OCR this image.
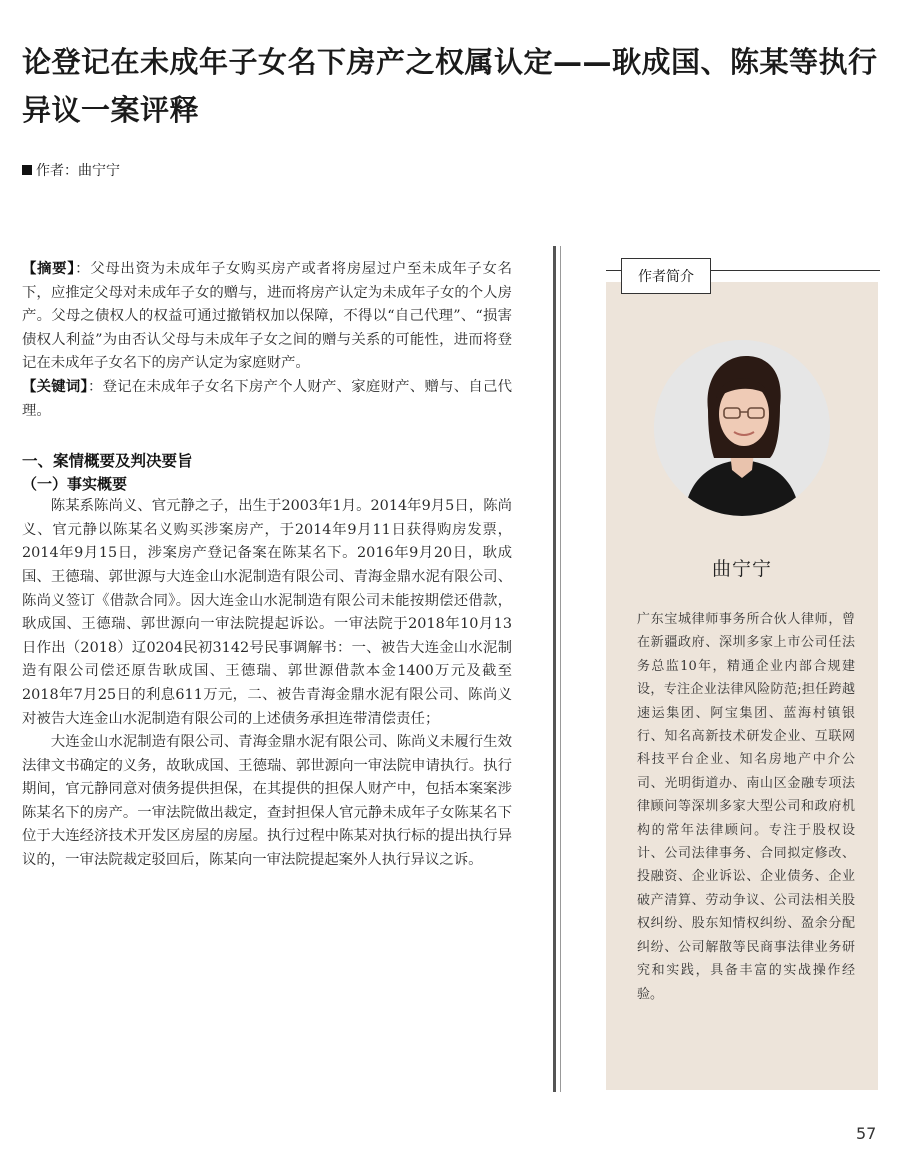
论登记在未成年子女名下房产之权属认定——耿成国、陈某等执行异议一案评释
作者：曲宁宁

【摘要】：父母出资为未成年子女购买房产或者将房屋过户至未成年子女名下，应推定父母对未成年子女的赠与，进而将房产认定为未成年子女的个人房产。父母之债权人的权益可通过撤销权加以保障，不得以“自己代理”、“损害债权人利益”为由否认父母与未成年子女之间的赠与关系的可能性，进而将登记在未成年子女名下的房产认定为家庭财产。

【关键词】：登记在未成年子女名下房产个人财产、家庭财产、赠与、自己代理。

一、案情概要及判决要旨

（一）事实概要

陈某系陈尚义、官元静之子，出生于2003年1月。2014年9月5日，陈尚义、官元静以陈某名义购买涉案房产，于2014年9月11日获得购房发票，2014年9月15日，涉案房产登记备案在陈某名下。2016年9月20日，耿成国、王德瑞、郭世源与大连金山水泥制造有限公司、青海金鼎水泥有限公司、陈尚义签订《借款合同》。因大连金山水泥制造有限公司未能按期偿还借款，耿成国、王德瑞、郭世源向一审法院提起诉讼。一审法院于2018年10月13日作出（2018）辽0204民初3142号民事调解书：一、被告大连金山水泥制造有限公司偿还原告耿成国、王德瑞、郭世源借款本金1400万元及截至2018年7月25日的利息611万元，二、被告青海金鼎水泥有限公司、陈尚义对被告大连金山水泥制造有限公司的上述债务承担连带清偿责任；

大连金山水泥制造有限公司、青海金鼎水泥有限公司、陈尚义未履行生效法律文书确定的义务，故耿成国、王德瑞、郭世源向一审法院申请执行。执行期间，官元静同意对债务提供担保，在其提供的担保人财产中，包括本案案涉陈某名下的房产。一审法院做出裁定，查封担保人官元静未成年子女陈某名下位于大连经济技术开发区房屋的房屋。执行过程中陈某对执行标的提出执行异议的，一审法院裁定驳回后，陈某向一审法院提起案外人执行异议之诉。

作者简介
曲宁宁

广东宝城律师事务所合伙人律师，曾在新疆政府、深圳多家上市公司任法务总监10年，精通企业内部合规建设，专注企业法律风险防范;担任跨越速运集团、阿宝集团、蓝海村镇银行、知名高新技术研发企业、互联网科技平台企业、知名房地产中介公司、光明街道办、南山区金融专项法律顾问等深圳多家大型公司和政府机构的常年法律顾问。专注于股权设计、公司法律事务、合同拟定修改、投融资、企业诉讼、企业债务、企业破产清算、劳动争议、公司法相关股权纠纷、股东知情权纠纷、盈余分配纠纷、公司解散等民商事法律业务研究和实践，具备丰富的实战操作经验。

57
